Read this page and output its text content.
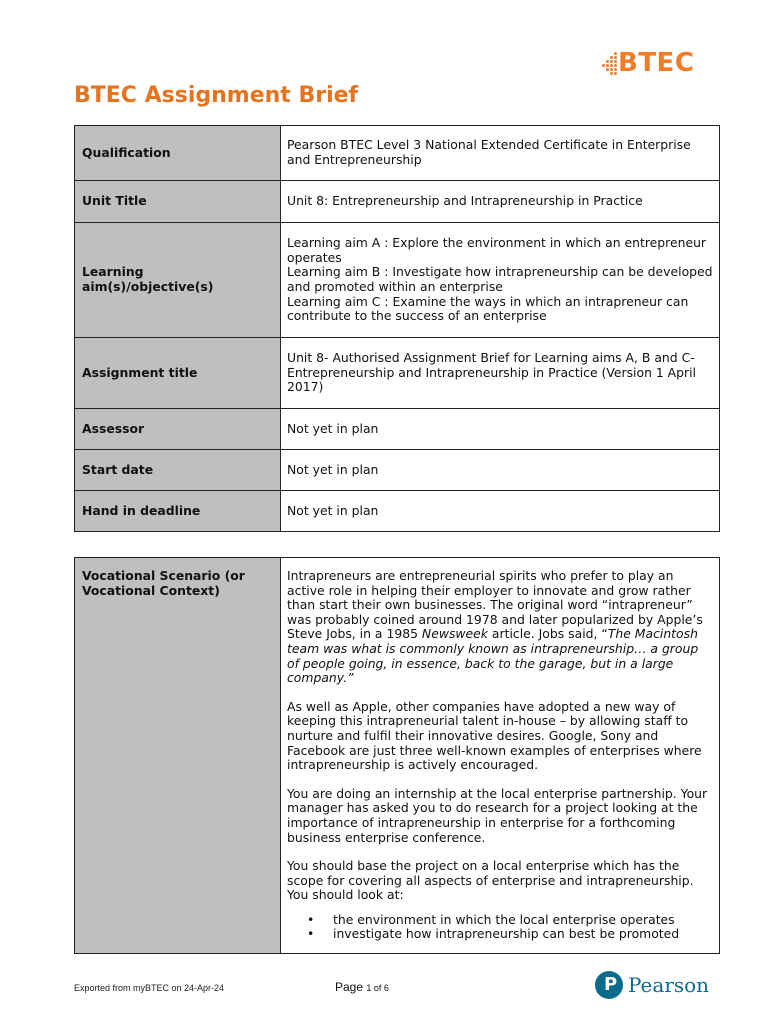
BTEC
BTEC Assignment Brief
Qualification	Pearson BTEC Level 3 National Extended Certificate in Enterprise and Entrepreneurship
Unit Title	Unit 8: Entrepreneurship and Intrapreneurship in Practice
Learning aim(s)/objective(s)	Learning aim A : Explore the environment in which an entrepreneur operates
Learning aim B : Investigate how intrapreneurship can be developed and promoted within an enterprise
Learning aim C : Examine the ways in which an intrapreneur can contribute to the success of an enterprise

Assignment title	Unit 8- Authorised Assignment Brief for Learning aims A, B and C- Entrepreneurship and Intrapreneurship in Practice (Version 1 April 2017)
Assessor	Not yet in plan
Start date	Not yet in plan
Hand in deadline	Not yet in plan
Vocational Scenario (or Vocational Context)	
Intrapreneurs are entrepreneurial spirits who prefer to play an active role in helping their employer to innovate and grow rather than start their own businesses. The original word “intrapreneur” was probably coined around 1978 and later popularized by Apple’s Steve Jobs, in a 1985 Newsweek article. Jobs said, “The Macintosh team was what is commonly known as intrapreneurship… a group of people going, in essence, back to the garage, but in a large company.”
As well as Apple, other companies have adopted a new way of keeping this intrapreneurial talent in-house – by allowing staff to nurture and fulfil their innovative desires. Google, Sony and Facebook are just three well-known examples of enterprises where intrapreneurship is actively encouraged.
You are doing an internship at the local enterprise partnership. Your manager has asked you to do research for a project looking at the importance of intrapreneurship in enterprise for a forthcoming business enterprise conference.
You should base the project on a local enterprise which has the scope for covering all aspects of enterprise and intrapreneurship. You should look at:
• the environment in which the local enterprise operates
• investigate how intrapreneurship can best be promoted
Exported from myBTEC on 24-Apr-24	Page 1 of 6	P Pearson
